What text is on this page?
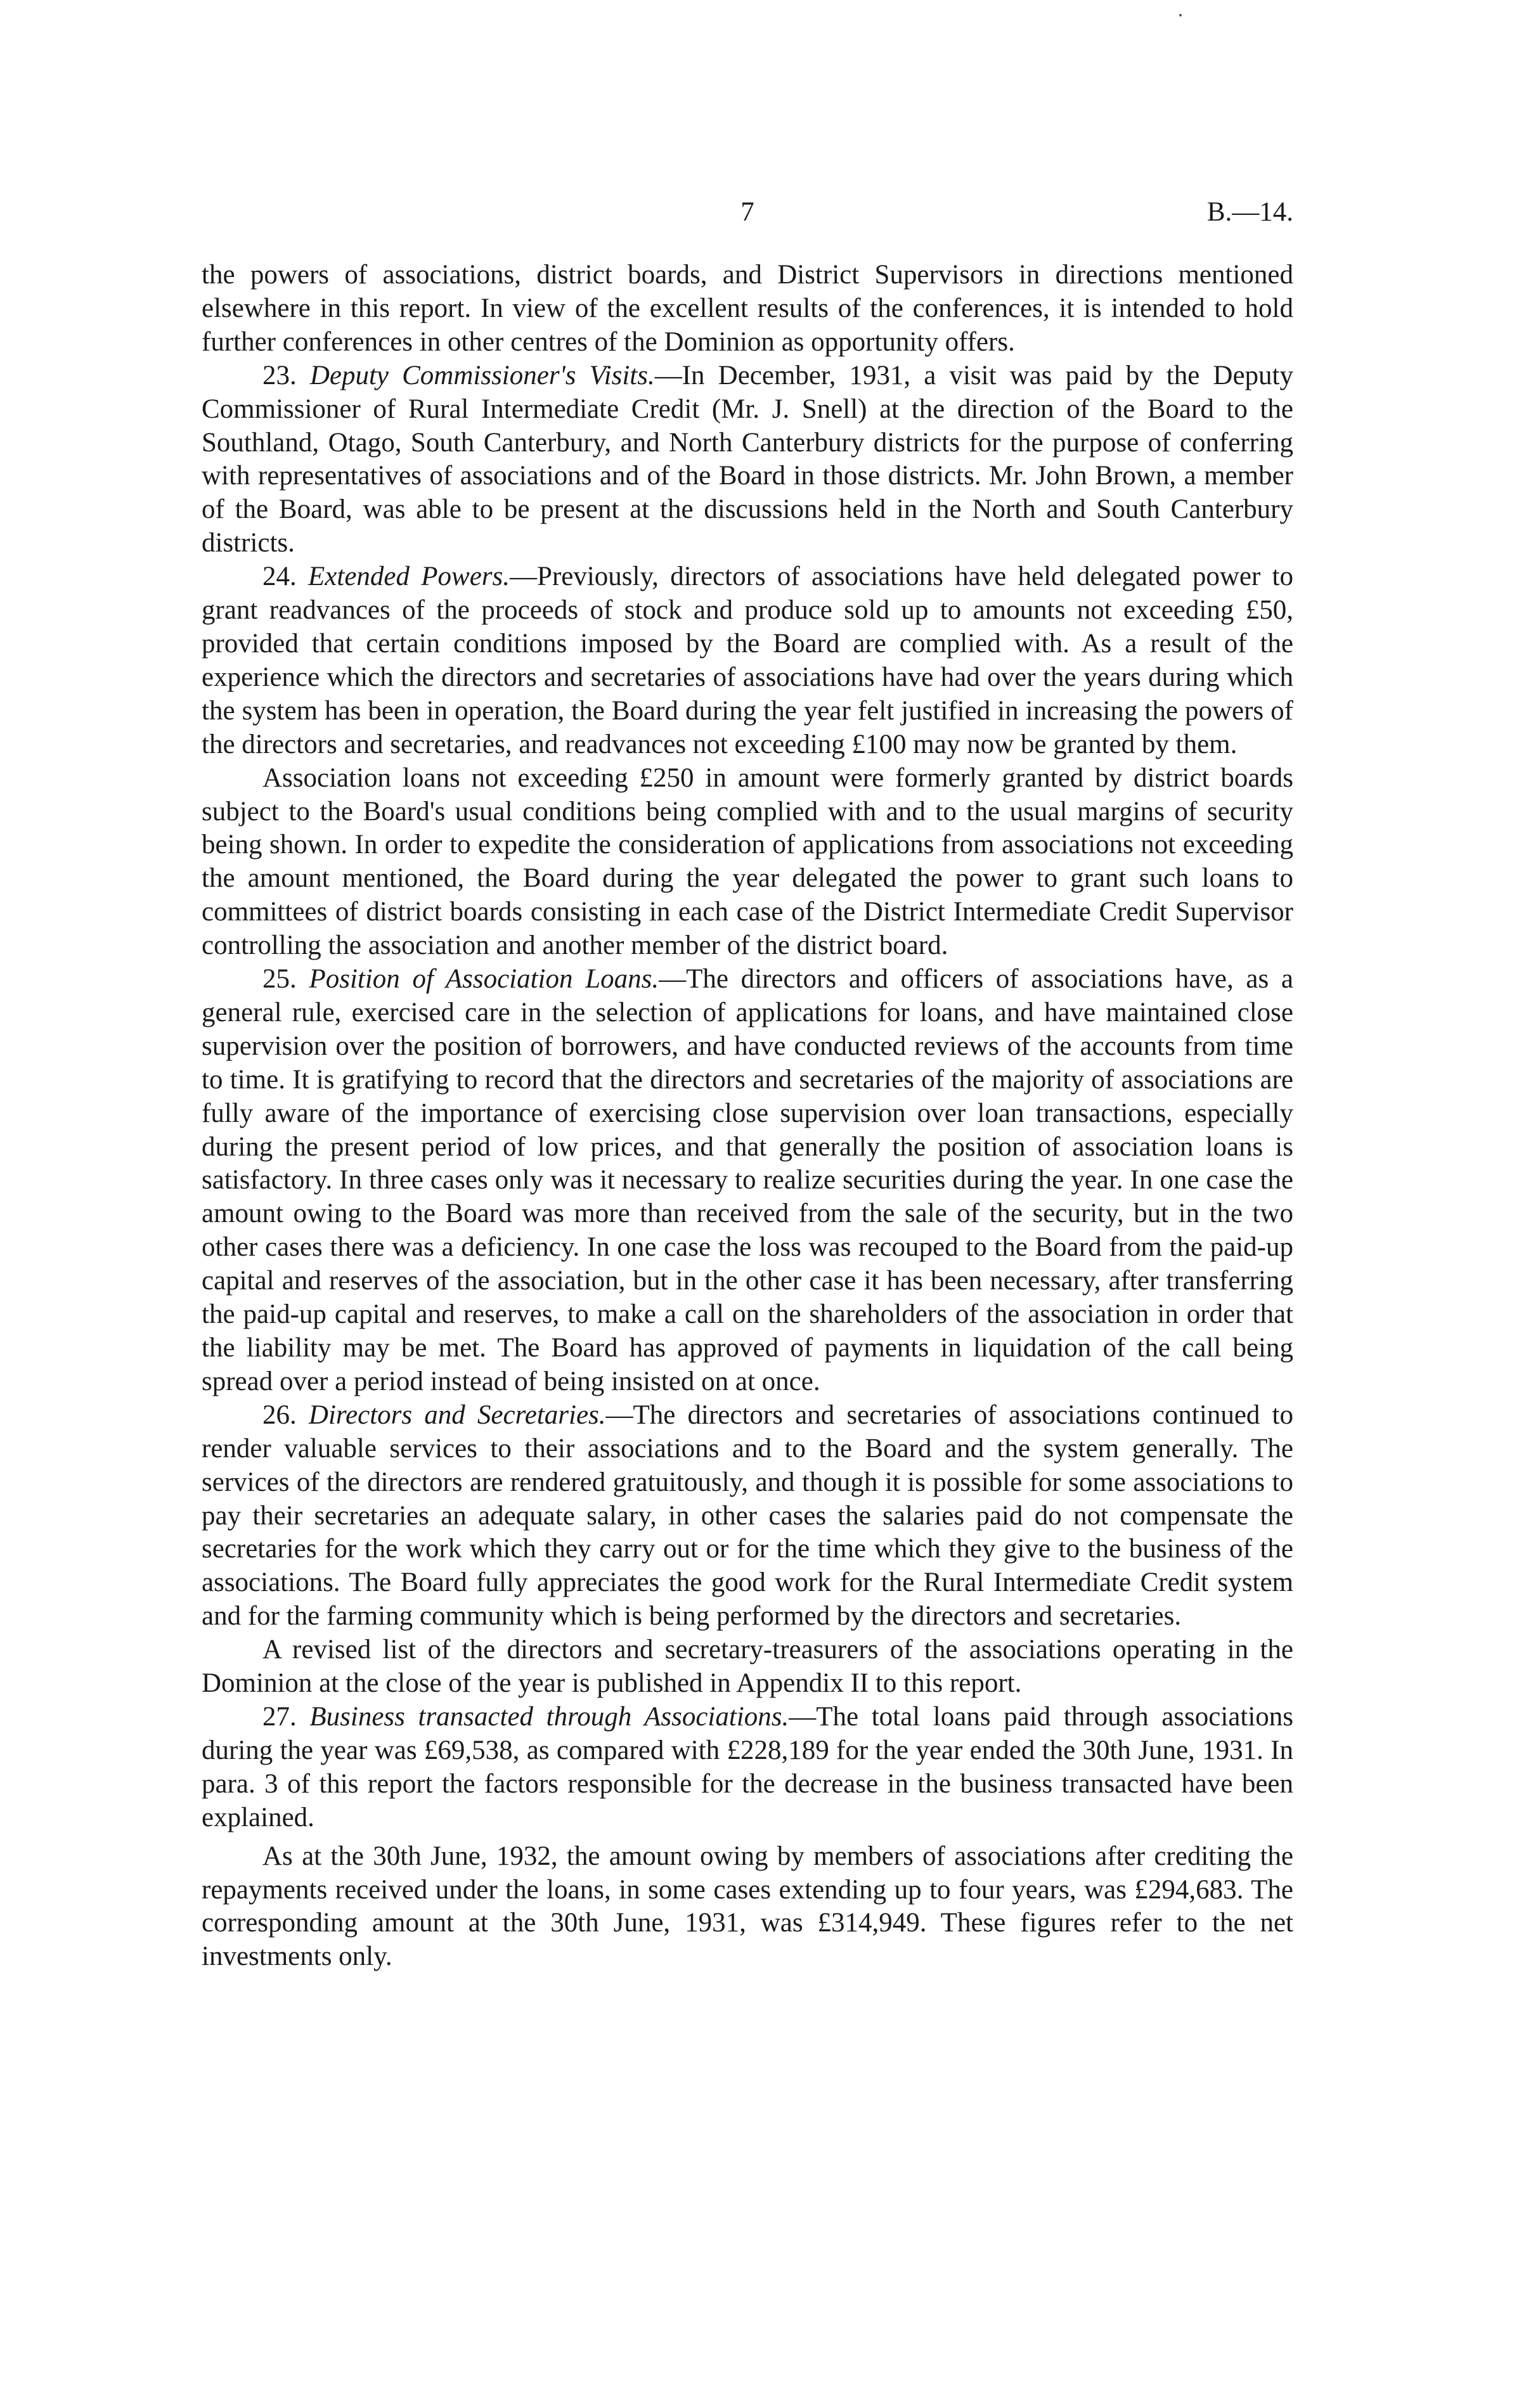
7	B.—14.

the powers of associations, district boards, and District Supervisors in directions mentioned elsewhere in this report. In view of the excellent results of the conferences, it is intended to hold further conferences in other centres of the Dominion as opportunity offers.

23. Deputy Commissioner's Visits.—In December, 1931, a visit was paid by the Deputy Commissioner of Rural Intermediate Credit (Mr. J. Snell) at the direction of the Board to the Southland, Otago, South Canterbury, and North Canterbury districts for the purpose of conferring with representatives of associations and of the Board in those districts. Mr. John Brown, a member of the Board, was able to be present at the discussions held in the North and South Canterbury districts.

24. Extended Powers.—Previously, directors of associations have held delegated power to grant readvances of the proceeds of stock and produce sold up to amounts not exceeding £50, provided that certain conditions imposed by the Board are complied with. As a result of the experience which the directors and secretaries of associations have had over the years during which the system has been in operation, the Board during the year felt justified in increasing the powers of the directors and secretaries, and readvances not exceeding £100 may now be granted by them.

Association loans not exceeding £250 in amount were formerly granted by district boards subject to the Board's usual conditions being complied with and to the usual margins of security being shown. In order to expedite the consideration of applications from associations not exceeding the amount mentioned, the Board during the year delegated the power to grant such loans to committees of district boards consisting in each case of the District Intermediate Credit Supervisor controlling the association and another member of the district board.

25. Position of Association Loans.—The directors and officers of associations have, as a general rule, exercised care in the selection of applications for loans, and have maintained close supervision over the position of borrowers, and have conducted reviews of the accounts from time to time. It is gratifying to record that the directors and secretaries of the majority of associations are fully aware of the importance of exercising close supervision over loan transactions, especially during the present period of low prices, and that generally the position of association loans is satisfactory. In three cases only was it necessary to realize securities during the year. In one case the amount owing to the Board was more than received from the sale of the security, but in the two other cases there was a deficiency. In one case the loss was recouped to the Board from the paid-up capital and reserves of the association, but in the other case it has been necessary, after transferring the paid-up capital and reserves, to make a call on the shareholders of the association in order that the liability may be met. The Board has approved of payments in liquidation of the call being spread over a period instead of being insisted on at once.

26. Directors and Secretaries.—The directors and secretaries of associations continued to render valuable services to their associations and to the Board and the system generally. The services of the directors are rendered gratuitously, and though it is possible for some associations to pay their secretaries an adequate salary, in other cases the salaries paid do not compensate the secretaries for the work which they carry out or for the time which they give to the business of the associations. The Board fully appreciates the good work for the Rural Intermediate Credit system and for the farming community which is being performed by the directors and secretaries.

A revised list of the directors and secretary-treasurers of the associations operating in the Dominion at the close of the year is published in Appendix II to this report.

27. Business transacted through Associations.—The total loans paid through associations during the year was £69,538, as compared with £228,189 for the year ended the 30th June, 1931. In para. 3 of this report the factors responsible for the decrease in the business transacted have been explained.

As at the 30th June, 1932, the amount owing by members of associations after crediting the repayments received under the loans, in some cases extending up to four years, was £294,683. The corresponding amount at the 30th June, 1931, was £314,949. These figures refer to the net investments only.
